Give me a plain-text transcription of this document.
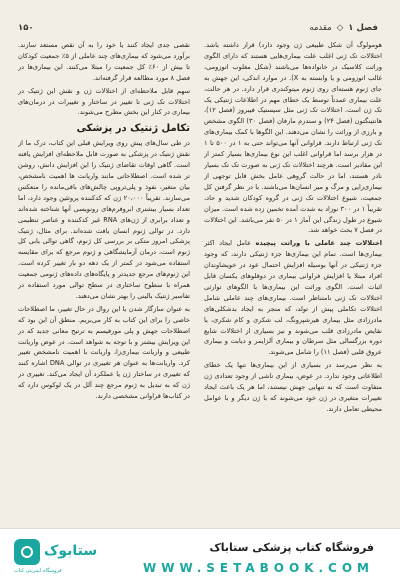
فصل ۱
◇
مقدمه
۱۵۰

هومولوگ آن شکل طبیعی ژن وجود دارد) قرار داشته باشد. اختلالات تک ژنی اغلب علت بیماری‌هایی هستند که دارای الگوی وراثت کلاسیک در خانواده‌ها می‌باشند (شکل مغلوب اتوزومی، غالب اتوزومی و یا وابسته به X). در موارد اندکی، این جهش به جای ژنوم هسته‌ای روی ژنوم میتوکندری قرار دارد. در هر حالت، علت بیماری عمدتاً توسط یک خطای مهم در اطلاعات ژنتیکی یک تک ژن است. اختلالات تک ژنی مثل سیستیک فیبروز (فصل ۱۲)، هانتینگتون (فصل ۲۴) و سندرم مارفان (فصل ۳۰) الگوی مشخص و بارزی از وراثت را نشان می‌دهند. این الگوها با کمک بیماری‌های تک ژنی ارتباط دارند. قراوانی آنها می‌تواند حتی به ۱ در ۵۰۰ تا ۱ در هزار برسد اما قراوانی اغلب این نوع بیماری‌ها بسیار کمتر از این مقادیر است. هرچند اختلالات تک ژنی به صورت تک تک بسیار نادر هستند، اما در حالت گروهی عامل بخش قابل توجهی از بیماری‌زایی و مرگ و میر انسان‌ها می‌باشند. با در نظر گرفتن کل جمعیت، شیوع اختلالات تک ژنی در گروه کودکان شدید و حاد، تقریباً ۱ در ۳۰۰ نوزاد به شدت آمده تخمین زده شده است. میزان شیوع در طول زندگی این آمار ۱ در ۵۰ نفر می‌باشد. این اختلالات در فصل ۷ بحث خواهد شد.

اختلالات چند عاملی با وراثت پیچیده عامل ایجاد اکثر بیماری‌ها است. تمام این بیماری‌ها جزء ژنتیکی دارند، که وجود جزء ژنتیکی در آنها بوسیله افزایش احتمال عود در خویشاوندان افراد مبتلا یا افزایش فراوانی بیماری در دوقلوهای یکسان قابل اثبات است. الگوی وراثت این بیماری‌ها با الگوهای توارثی اختلالات تک ژنی نامتناظر است. بیماری‌های چند عاملی شامل اختلالات تکاملی پیش از تولد، که منجر به ایجاد بدشکلی‌های مادرزادی مثل بیماری هیرشپرونگ، لب شکری و کام شکری، یا نقایص مادرزادی قلب می‌شوند و نیز بسیاری از اختلالات شایع دوره بزرگسالی مثل سرطان و بیماری آلزایمر و دیابت و بیماری عروق قلبی (فصل ۱۱) را شامل می‌شوند.

به نظر می‌رسد در بسیاری از این بیماری‌ها تنها یک خطای اطلاعاتی وجود ندارد. در عوض، بیماری ناشی از وجود تعدادی ژن متفاوت است که به تنهایی جهش نیستند، اما هر یک باعث ایجاد تغییرات متغیری در ژن خود می‌شوند که با ژن دیگر و با عوامل محیطی تعامل دارند.

نقصی جدی ایجاد کنند یا خود را به آن نقص مستعد سازند. برآورد می‌شود که بیماری‌های چند عاملی از ۵٪ جمعیت کودکان تا بیش از ۶۰٪ کل جمعیت را مبتلا می‌کنند. این بیماری‌ها در فصل ۸ مورد مطالعه قرار گرفته‌اند.

سهم قابل ملاحظه‌ای از اختلالات ژن و نقش این ژنتیک در اختلالات تک ژنی تا تغییر در ساختار و تغییرات در درمان‌های بیماری در کنار این بخش مطرح می‌شوند.

تکامل ژنتیک در پزشکی

در طی سال‌های پیش روی ویرایش قبلی این کتاب، درک ما از نقش ژنتیک در پزشکی به صورت قابل ملاحظه‌ای افزایش یافته است. گاهی اوقات تقاضای ژنتیک را این افزایش دانش، روشن تر شده است. اصطلاحاتی مانند واریانت ها اهمیت نامشخص، بیان متغیر، نفوذ و پلی‌تروپی چالش‌های باقی‌مانده را منعکس می‌سازند. تقریباً ۲۰،۰۰۰ ژن که کدکننده پروتئین وجود دارد، اما تعداد بسیار بیشتری ابروفرم‌های رونویسی آنها شناخته شده‌اند و تعداد برابری از ژن‌های RNA غیر کدکننده و عناصر تنظیمی دارد. در توالی ژنوم انسان یافت شده‌اند. برای مثال، ژنتیک پزشکی امروز متکی بر بررسی کل ژنوم، گاهی توالی یابی کل ژنوم است، درمان آزمایشگاهی و ژنوم مرجع که برای مقایسه استفاده می‌شود در کمتر از یک دهه دو بار تغییر کرده است. این ژنوم‌های مرجع جدیدتر و پایگاه‌های داده‌های ژنومی جمعیت همراه با سطوح ساختاری در سطح توالی مورد استفاده در تفاسیر ژنتیک بالینی را بهتر نشان می‌دهند.

به عنوان سازگار شدن با این روال در حال تغییر، ما اصطلاحات خاصی را برای این کتاب به کار می‌بریم. منطق آن این بود که اصطلاحات جهش و پلی مورفیسم به ترتیح معانی جدید که در این ویرایش بیشتر و با توجه به شواهد است. در عوض واریانت طبیعی و واریانت بیماری‌زا، واریانت با اهمیت نامشخص تغییر کرد. واریانت‌ها به عنوان هر تغییری در توالی DNA اشاره کنند که تغییری در ساختار ژن یا عملکرد آن ایجاد می‌کند. تغییری در ژن که به تبدیل به ژنوم مرجع چند آلل در یک لوکوس دارد که در کتاب‌ها قراوانی مشخصی دارند.

ستابوک
فروشگاه اینترنتی کتاب
فروشگاه کتاب پزشکی ستاباک
WWW.SETABOOK.COM
